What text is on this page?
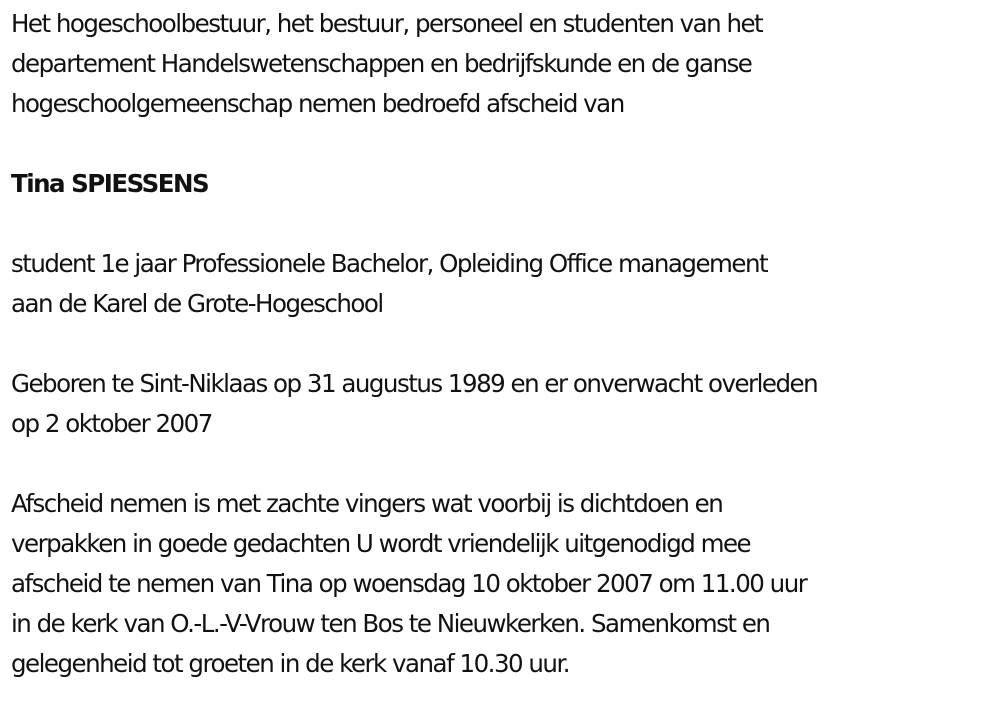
Het hogeschoolbestuur, het bestuur, personeel en studenten van het
departement Handelswetenschappen en bedrijfskunde en de ganse
hogeschoolgemeenschap nemen bedroefd afscheid van
Tina SPIESSENS
student 1e jaar Professionele Bachelor, Opleiding Office management
aan de Karel de Grote-Hogeschool
Geboren te Sint-Niklaas op 31 augustus 1989 en er onverwacht overleden
op 2 oktober 2007
Afscheid nemen is met zachte vingers wat voorbij is dichtdoen en
verpakken in goede gedachten U wordt vriendelijk uitgenodigd mee
afscheid te nemen van Tina op woensdag 10 oktober 2007 om 11.00 uur
in de kerk van O.-L.-V-Vrouw ten Bos te Nieuwkerken. Samenkomst en
gelegenheid tot groeten in de kerk vanaf 10.30 uur.
